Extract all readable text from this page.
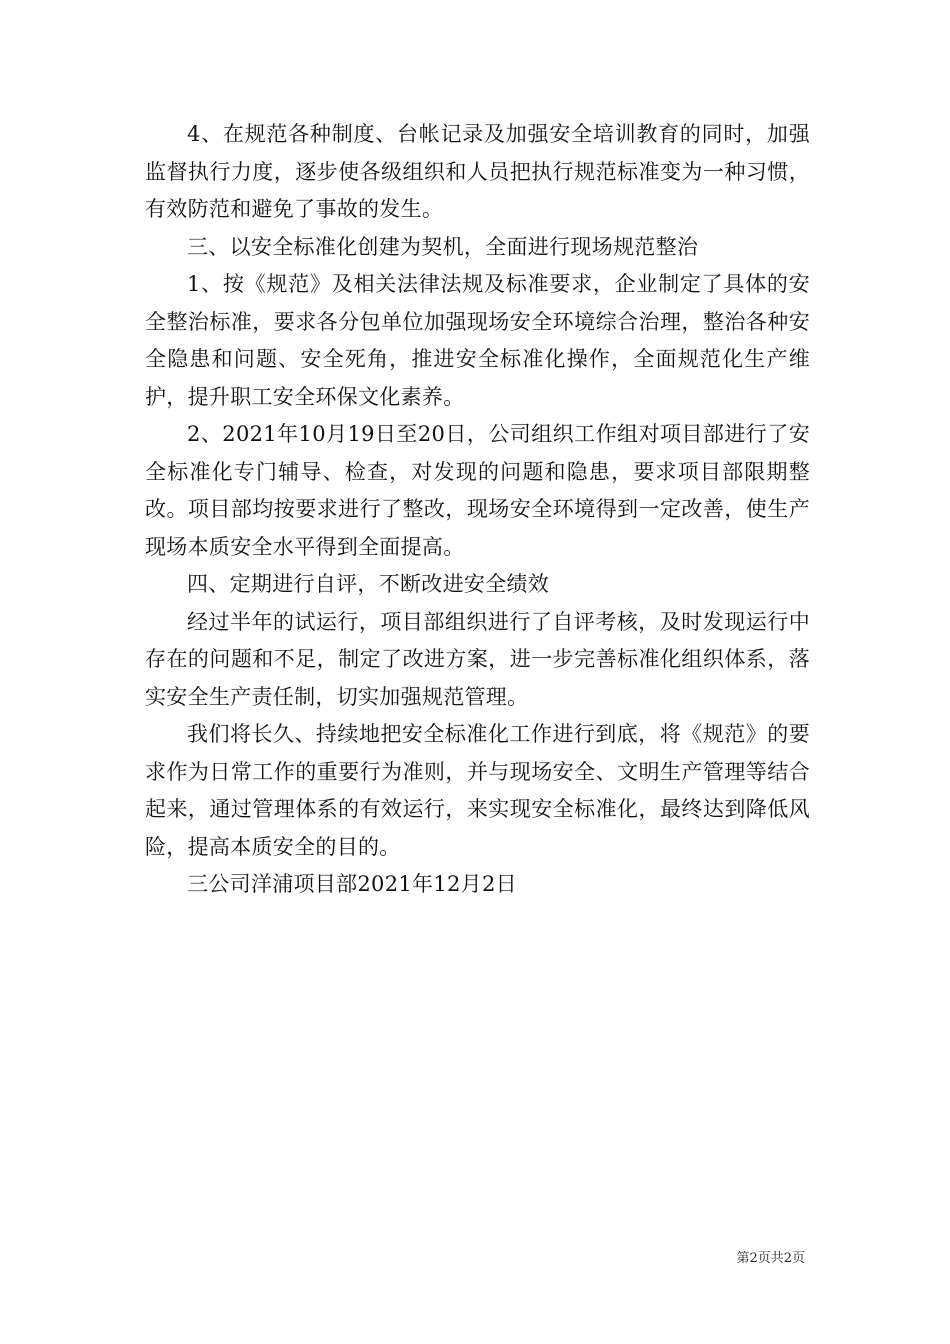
4、在规范各种制度、台帐记录及加强安全培训教育的同时，加强监督执行力度，逐步使各级组织和人员把执行规范标准变为一种习惯，有效防范和避免了事故的发生。

三、以安全标准化创建为契机，全面进行现场规范整治

1、按《规范》及相关法律法规及标准要求，企业制定了具体的安全整治标准，要求各分包单位加强现场安全环境综合治理，整治各种安全隐患和问题、安全死角，推进安全标准化操作，全面规范化生产维护，提升职工安全环保文化素养。

2、2021年10月19日至20日，公司组织工作组对项目部进行了安全标准化专门辅导、检查，对发现的问题和隐患，要求项目部限期整改。项目部均按要求进行了整改，现场安全环境得到一定改善，使生产现场本质安全水平得到全面提高。

四、定期进行自评，不断改进安全绩效

经过半年的试运行，项目部组织进行了自评考核，及时发现运行中存在的问题和不足，制定了改进方案，进一步完善标准化组织体系，落实安全生产责任制，切实加强规范管理。

我们将长久、持续地把安全标准化工作进行到底，将《规范》的要求作为日常工作的重要行为准则，并与现场安全、文明生产管理等结合起来，通过管理体系的有效运行，来实现安全标准化，最终达到降低风险，提高本质安全的目的。

三公司洋浦项目部2021年12月2日

第2页共2页
